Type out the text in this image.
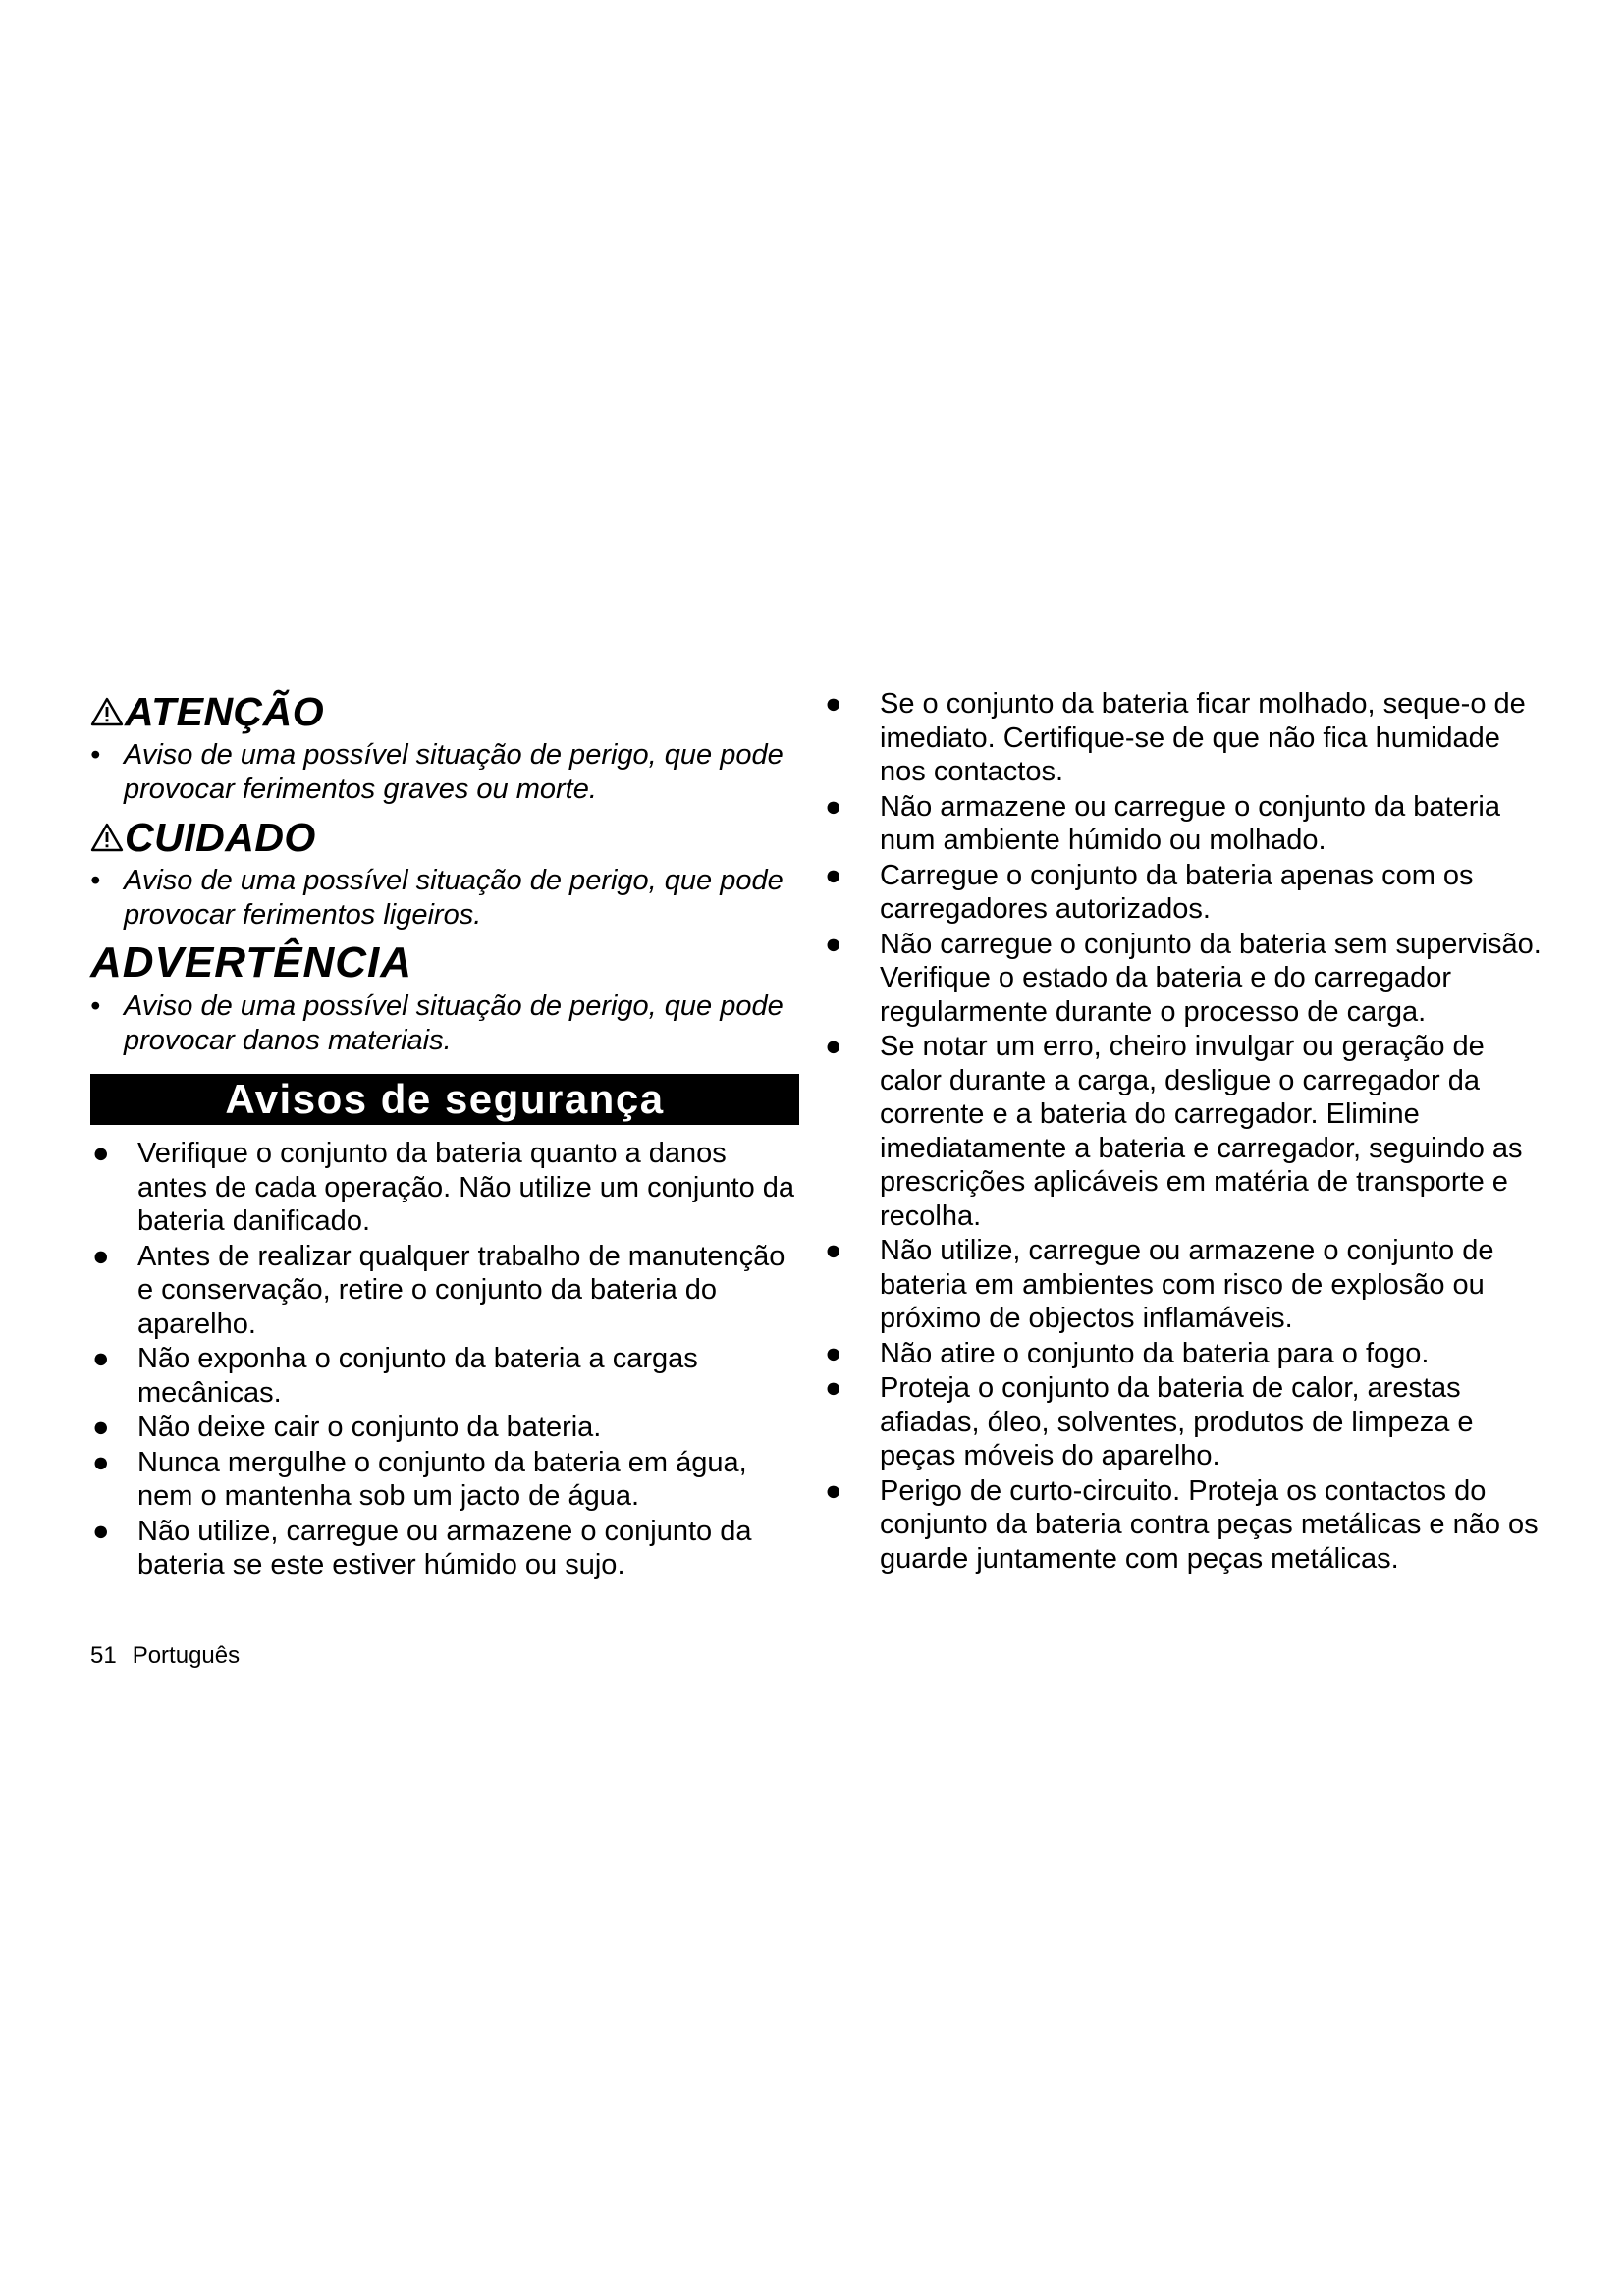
ATENÇÃO

• Aviso de uma possível situação de perigo, que pode provocar ferimentos graves ou morte.

CUIDADO

• Aviso de uma possível situação de perigo, que pode provocar ferimentos ligeiros.

ADVERTÊNCIA

• Aviso de uma possível situação de perigo, que pode provocar danos materiais.

Avisos de segurança
● Verifique o conjunto da bateria quanto a danos antes de cada operação. Não utilize um conjunto da bateria danificado.
● Antes de realizar qualquer trabalho de manutenção e conservação, retire o conjunto da bateria do aparelho.
● Não exponha o conjunto da bateria a cargas mecânicas.
● Não deixe cair o conjunto da bateria.
● Nunca mergulhe o conjunto da bateria em água, nem o mantenha sob um jacto de água.
● Não utilize, carregue ou armazene o conjunto da bateria se este estiver húmido ou sujo.
● Se o conjunto da bateria ficar molhado, seque-o de imediato. Certifique-se de que não fica humidade nos contactos.
● Não armazene ou carregue o conjunto da bateria num ambiente húmido ou molhado.
● Carregue o conjunto da bateria apenas com os carregadores autorizados.
● Não carregue o conjunto da bateria sem supervisão. Verifique o estado da bateria e do carregador regularmente durante o processo de carga.
● Se notar um erro, cheiro invulgar ou geração de calor durante a carga, desligue o carregador da corrente e a bateria do carregador. Elimine imediatamente a bateria e carregador, seguindo as prescrições aplicáveis em matéria de transporte e recolha.
● Não utilize, carregue ou armazene o conjunto de bateria em ambientes com risco de explosão ou próximo de objectos inflamáveis.
● Não atire o conjunto da bateria para o fogo.
● Proteja o conjunto da bateria de calor, arestas afiadas, óleo, solventes, produtos de limpeza e peças móveis do aparelho.
● Perigo de curto-circuito. Proteja os contactos do conjunto da bateria contra peças metálicas e não os guarde juntamente com peças metálicas.
51 Português
